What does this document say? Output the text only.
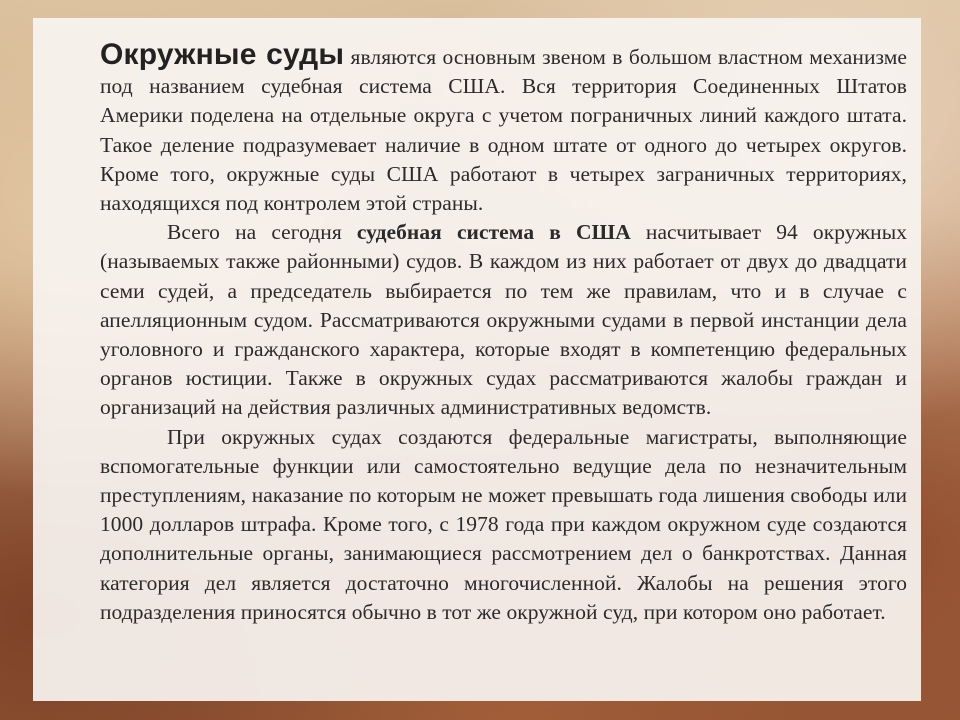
Окружные суды являются основным звеном в большом властном механизме под названием судебная система США. Вся территория Соединенных Штатов Америки поделена на отдельные округа с учетом пограничных линий каждого штата. Такое деление подразумевает наличие в одном штате от одного до четырех округов. Кроме того, окружные суды США работают в четырех заграничных территориях, находящихся под контролем этой страны.

Всего на сегодня судебная система в США насчитывает 94 окружных (называемых также районными) судов. В каждом из них работает от двух до двадцати семи судей, а председатель выбирается по тем же правилам, что и в случае с апелляционным судом. Рассматриваются окружными судами в первой инстанции дела уголовного и гражданского характера, которые входят в компетенцию федеральных органов юстиции. Также в окружных судах рассматриваются жалобы граждан и организаций на действия различных административных ведомств.

При окружных судах создаются федеральные магистраты, выполняющие вспомогательные функции или самостоятельно ведущие дела по незначительным преступлениям, наказание по которым не может превышать года лишения свободы или 1000 долларов штрафа. Кроме того, с 1978 года при каждом окружном суде создаются дополнительные органы, занимающиеся рассмотрением дел о банкротствах. Данная категория дел является достаточно многочисленной. Жалобы на решения этого подразделения приносятся обычно в тот же окружной суд, при котором оно работает.
